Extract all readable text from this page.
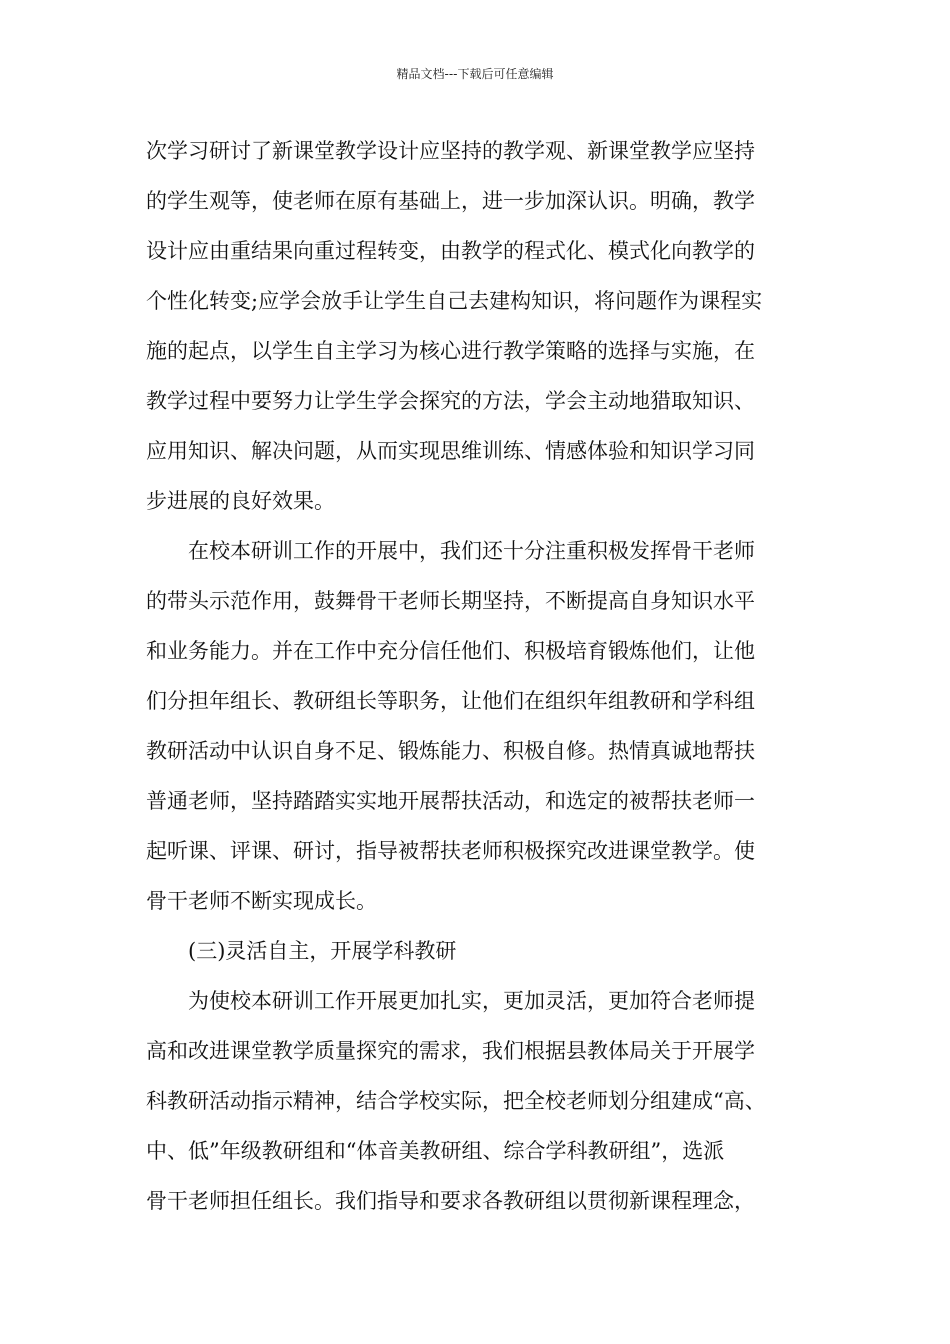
精品文档---下载后可任意编辑
次学习研讨了新课堂教学设计应坚持的教学观、新课堂教学应坚持
的学生观等，使老师在原有基础上，进一步加深认识。明确，教学
设计应由重结果向重过程转变，由教学的程式化、模式化向教学的
个性化转变;应学会放手让学生自己去建构知识，将问题作为课程实
施的起点，以学生自主学习为核心进行教学策略的选择与实施，在
教学过程中要努力让学生学会探究的方法，学会主动地猎取知识、
应用知识、解决问题，从而实现思维训练、情感体验和知识学习同
步进展的良好效果。
在校本研训工作的开展中，我们还十分注重积极发挥骨干老师
的带头示范作用，鼓舞骨干老师长期坚持，不断提高自身知识水平
和业务能力。并在工作中充分信任他们、积极培育锻炼他们，让他
们分担年组长、教研组长等职务，让他们在组织年组教研和学科组
教研活动中认识自身不足、锻炼能力、积极自修。热情真诚地帮扶
普通老师，坚持踏踏实实地开展帮扶活动，和选定的被帮扶老师一
起听课、评课、研讨，指导被帮扶老师积极探究改进课堂教学。使
骨干老师不断实现成长。
(三)灵活自主，开展学科教研
为使校本研训工作开展更加扎实，更加灵活，更加符合老师提
高和改进课堂教学质量探究的需求，我们根据县教体局关于开展学
科教研活动指示精神，结合学校实际，把全校老师划分组建成“高、
中、低”年级教研组和“体音美教研组、综合学科教研组”，选派
骨干老师担任组长。我们指导和要求各教研组以贯彻新课程理念，
